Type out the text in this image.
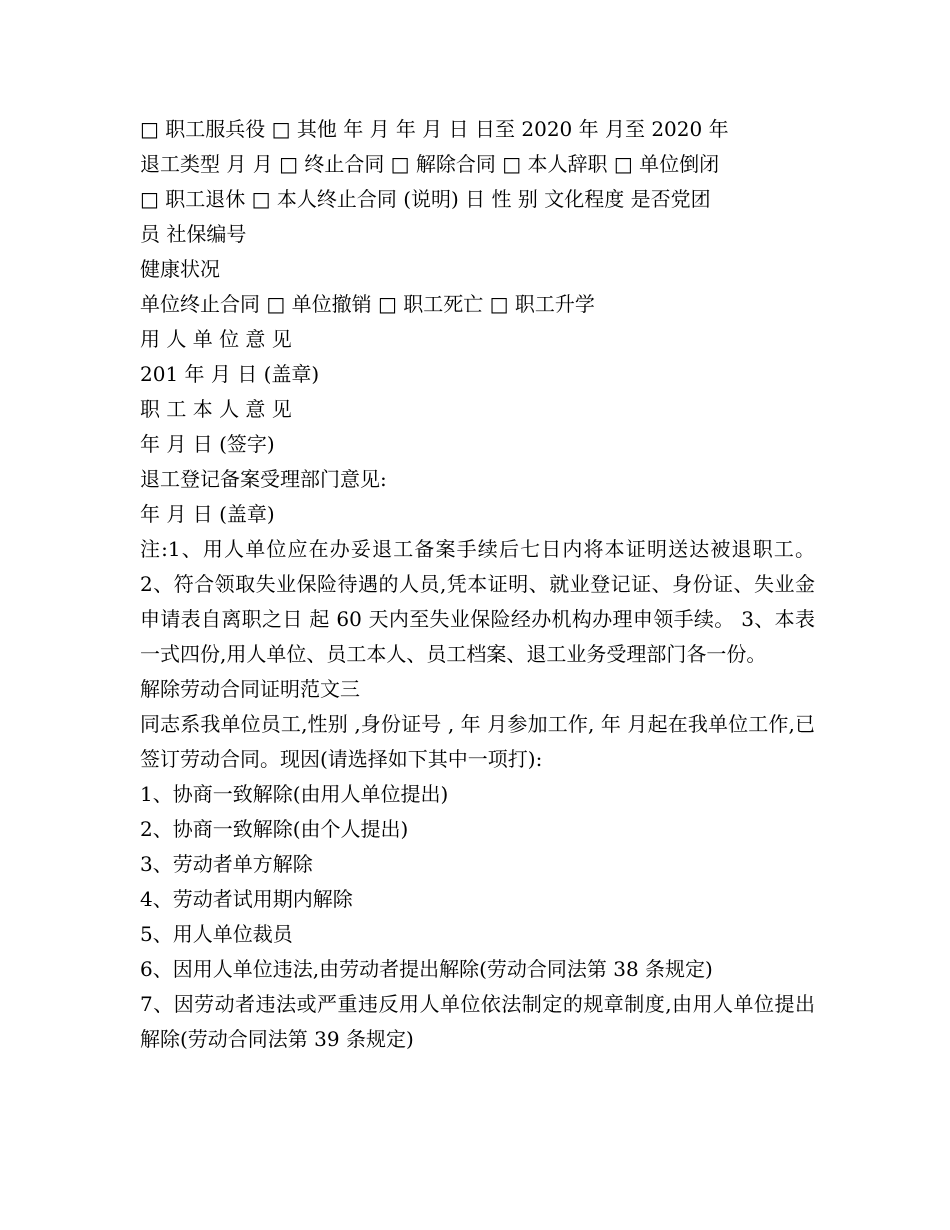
□ 职工服兵役 □ 其他 年 月 年 月 日 日至 2020 年 月至 2020 年
退工类型 月 月 □ 终止合同 □ 解除合同 □ 本人辞职 □ 单位倒闭
□ 职工退休 □ 本人终止合同 (说明) 日 性 别 文化程度 是否党团
员 社保编号
健康状况
单位终止合同 □ 单位撤销 □ 职工死亡 □ 职工升学
用 人 单 位 意 见
201 年 月 日 (盖章)
职 工 本 人 意 见
年 月 日 (签字)
退工登记备案受理部门意见:
年 月 日 (盖章)
注:1、用人单位应在办妥退工备案手续后七日内将本证明送达被退职工。 2、符合领取失业保险待遇的人员,凭本证明、就业登记证、身份证、失业金申请表自离职之日 起 60 天内至失业保险经办机构办理申领手续。 3、本表一式四份,用人单位、员工本人、员工档案、退工业务受理部门各一份。
解除劳动合同证明范文三
同志系我单位员工,性别 ,身份证号 , 年 月参加工作, 年 月起在我单位工作,已签订劳动合同。现因(请选择如下其中一项打):
1、协商一致解除(由用人单位提出)
2、协商一致解除(由个人提出)
3、劳动者单方解除
4、劳动者试用期内解除
5、用人单位裁员
6、因用人单位违法,由劳动者提出解除(劳动合同法第 38 条规定)
7、因劳动者违法或严重违反用人单位依法制定的规章制度,由用人单位提出解除(劳动合同法第 39 条规定)
